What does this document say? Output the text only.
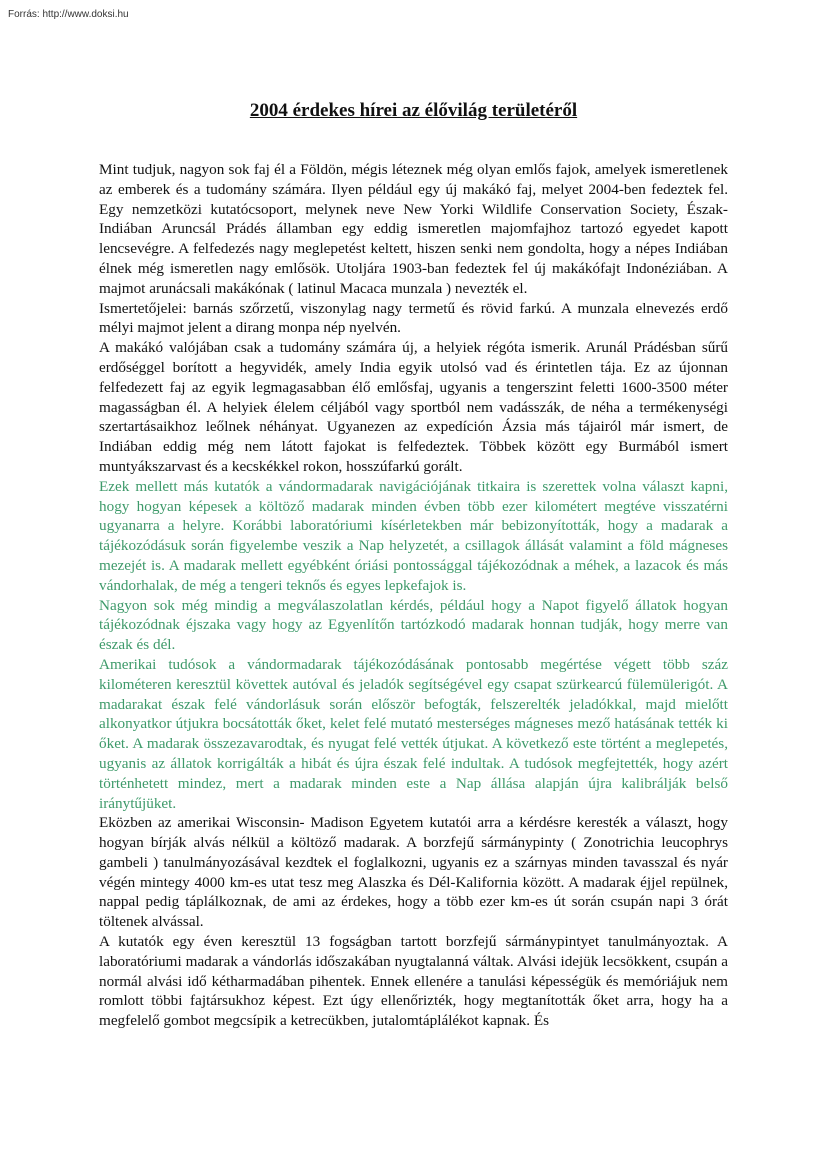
Forrás: http://www.doksi.hu
2004 érdekes hírei az élővilág területéről

Mint tudjuk, nagyon sok faj él a Földön, mégis léteznek még olyan emlős fajok, amelyek ismeretlenek az emberek és a tudomány számára. Ilyen például egy új makákó faj, melyet 2004-ben fedeztek fel. Egy nemzetközi kutatócsoport, melynek neve New Yorki Wildlife Conservation Society, Észak-Indiában Aruncsál Prádés államban egy eddig ismeretlen majomfajhoz tartozó egyedet kapott lencsevégre. A felfedezés nagy meglepetést keltett, hiszen senki nem gondolta, hogy a népes Indiában élnek még ismeretlen nagy emlősök. Utoljára 1903-ban fedeztek fel új makákófajt Indonéziában. A majmot arunácsali makákónak ( latinul Macaca munzala ) nevezték el.

Ismertetőjelei: barnás szőrzetű, viszonylag nagy termetű és rövid farkú. A munzala elnevezés erdő mélyi majmot jelent a dirang monpa nép nyelvén.

A makákó valójában csak a tudomány számára új, a helyiek régóta ismerik. Arunál Prádésban sűrű erdőséggel borított a hegyvidék, amely India egyik utolsó vad és érintetlen tája. Ez az újonnan felfedezett faj az egyik legmagasabban élő emlősfaj, ugyanis a tengerszint feletti 1600-3500 méter magasságban él. A helyiek élelem céljából vagy sportból nem vadásszák, de néha a termékenységi szertartásaikhoz leőlnek néhányat. Ugyanezen az expedíción Ázsia más tájairól már ismert, de Indiában eddig még nem látott fajokat is felfedeztek. Többek között egy Burmából ismert muntyákszarvast és a kecskékkel rokon, hosszúfarkú gorált.

Ezek mellett más kutatók a vándormadarak navigációjának titkaira is szerettek volna választ kapni, hogy hogyan képesek a költöző madarak minden évben több ezer kilométert megtéve visszatérni ugyanarra a helyre. Korábbi laboratóriumi kísérletekben már bebizonyították, hogy a madarak a tájékozódásuk során figyelembe veszik a Nap helyzetét, a csillagok állását valamint a föld mágneses mezejét is. A madarak mellett egyébként óriási pontossággal tájékozódnak a méhek, a lazacok és más vándorhalak, de még a tengeri teknős és egyes lepkefajok is.

Nagyon sok még mindig a megválaszolatlan kérdés, például hogy a Napot figyelő állatok hogyan tájékozódnak éjszaka vagy hogy az Egyenlítőn tartózkodó madarak honnan tudják, hogy merre van észak és dél.

Amerikai tudósok a vándormadarak tájékozódásának pontosabb megértése végett több száz kilométeren keresztül követtek autóval és jeladók segítségével egy csapat szürkearcú fülemülerigót. A madarakat észak felé vándorlásuk során először befogták, felszerelték jeladókkal, majd mielőtt alkonyatkor útjukra bocsátották őket, kelet felé mutató mesterséges mágneses mező hatásának tették ki őket. A madarak összezavarodtak, és nyugat felé vették útjukat. A következő este történt a meglepetés, ugyanis az állatok korrigálták a hibát és újra észak felé indultak. A tudósok megfejtették, hogy azért történhetett mindez, mert a madarak minden este a Nap állása alapján újra kalibrálják belső iránytűjüket.

Eközben az amerikai Wisconsin- Madison Egyetem kutatói arra a kérdésre keresték a választ, hogy hogyan bírják alvás nélkül a költöző madarak. A borzfejű sármánypinty ( Zonotrichia leucophrys gambeli ) tanulmányozásával kezdtek el foglalkozni, ugyanis ez a szárnyas minden tavasszal és nyár végén mintegy 4000 km-es utat tesz meg Alaszka és Dél-Kalifornia között. A madarak éjjel repülnek, nappal pedig táplálkoznak, de ami az érdekes, hogy a több ezer km-es út során csupán napi 3 órát töltenek alvással.

A kutatók egy éven keresztül 13 fogságban tartott borzfejű sármánypintyet tanulmányoztak. A laboratóriumi madarak a vándorlás időszakában nyugtalanná váltak. Alvási idejük lecsökkent, csupán a normál alvási idő kétharmadában pihentek. Ennek ellenére a tanulási képességük és memóriájuk nem romlott többi fajtársukhoz képest. Ezt úgy ellenőrizték, hogy megtanították őket arra, hogy ha a megfelelő gombot megcsípik a ketrecükben, jutalomtáplálékot kapnak. És
